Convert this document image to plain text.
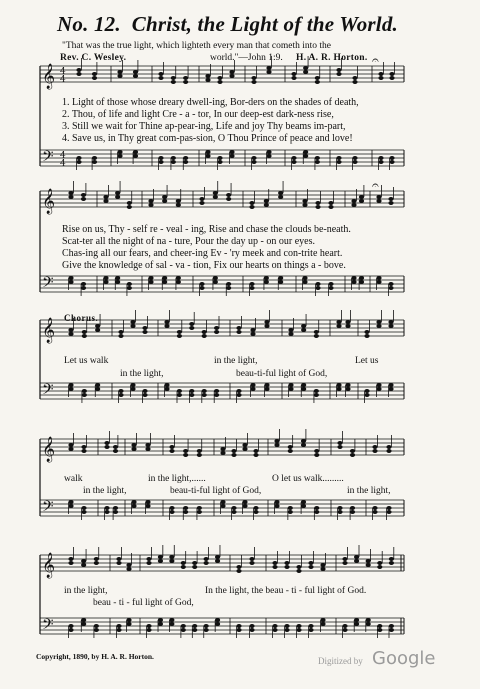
No. 12. Christ, the Light of the World.
"That was the true light, which lighteth every man that cometh into the
Rev. C. Wesley.	world."—John 1:9. H. A. R. Horton.
𝄞
𝄢
4
4
4
4
𝄞
𝄢
𝄞
𝄢
𝄞
𝄢
𝄞
𝄢
𝄐
𝄐
1. Light of those whose dreary dwell-ing, Bor-ders on the shades of death,
2. Thou, of life and light Cre - a - tor, In our deep-est dark-ness rise,
3. Still we wait for Thine ap-pear-ing, Life and joy Thy beams im-part,
4. Save us, in Thy great com-pas-sion, O Thou Prince of peace and love!
Rise on us, Thy - self re - veal - ing, Rise and chase the clouds be-neath.
Scat-ter all the night of na - ture, Pour the day up - on our eyes.
Chas-ing all our fears, and cheer-ing Ev - 'ry meek and con-trite heart.
Give the knowledge of sal - va - tion, Fix our hearts on things a - bove.
Chorus.
Let us walk	in the light,	Let us
in the light,	beau-ti-ful light of God,
walk	in the light,......	O let us walk.........
in the light,	beau-ti-ful light of God,	in the light,
in the light,	In the light, the beau - ti - ful light of God.
beau - ti - ful light of God,
Copyright, 1890, by H. A. R. Horton.	Digitized by Google
